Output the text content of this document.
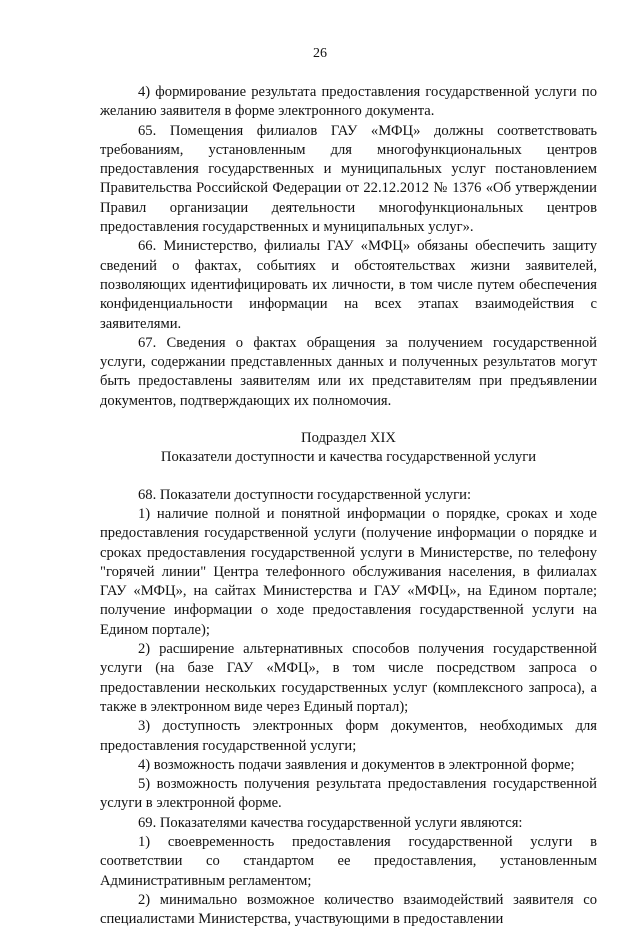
26

4) формирование результата предоставления государственной услуги по желанию заявителя в форме электронного документа.

65. Помещения филиалов ГАУ «МФЦ» должны соответствовать требованиям, установленным для многофункциональных центров предоставления государственных и муниципальных услуг постановлением Правительства Российской Федерации от 22.12.2012 № 1376 «Об утверждении Правил организации деятельности многофункциональных центров предоставления государственных и муниципальных услуг».

66. Министерство, филиалы ГАУ «МФЦ» обязаны обеспечить защиту сведений о фактах, событиях и обстоятельствах жизни заявителей, позволяющих идентифицировать их личности, в том числе путем обеспечения конфиденциальности информации на всех этапах взаимодействия с заявителями.

67. Сведения о фактах обращения за получением государственной услуги, содержании представленных данных и полученных результатов могут быть предоставлены заявителям или их представителям при предъявлении документов, подтверждающих их полномочия.

Подраздел XIX
Показатели доступности и качества государственной услуги

68. Показатели доступности государственной услуги:

1) наличие полной и понятной информации о порядке, сроках и ходе предоставления государственной услуги (получение информации о порядке и сроках предоставления государственной услуги в Министерстве, по телефону "горячей линии" Центра телефонного обслуживания населения, в филиалах ГАУ «МФЦ», на сайтах Министерства и ГАУ «МФЦ», на Едином портале; получение информации о ходе предоставления государственной услуги на Едином портале);

2) расширение альтернативных способов получения государственной услуги (на базе ГАУ «МФЦ», в том числе посредством запроса о предоставлении нескольких государственных услуг (комплексного запроса), а также в электронном виде через Единый портал);

3) доступность электронных форм документов, необходимых для предоставления государственной услуги;

4) возможность подачи заявления и документов в электронной форме;

5) возможность получения результата предоставления государственной услуги в электронной форме.

69. Показателями качества государственной услуги являются:

1) своевременность предоставления государственной услуги в соответствии со стандартом ее предоставления, установленным Административным регламентом;

2) минимально возможное количество взаимодействий заявителя со специалистами Министерства, участвующими в предоставлении
